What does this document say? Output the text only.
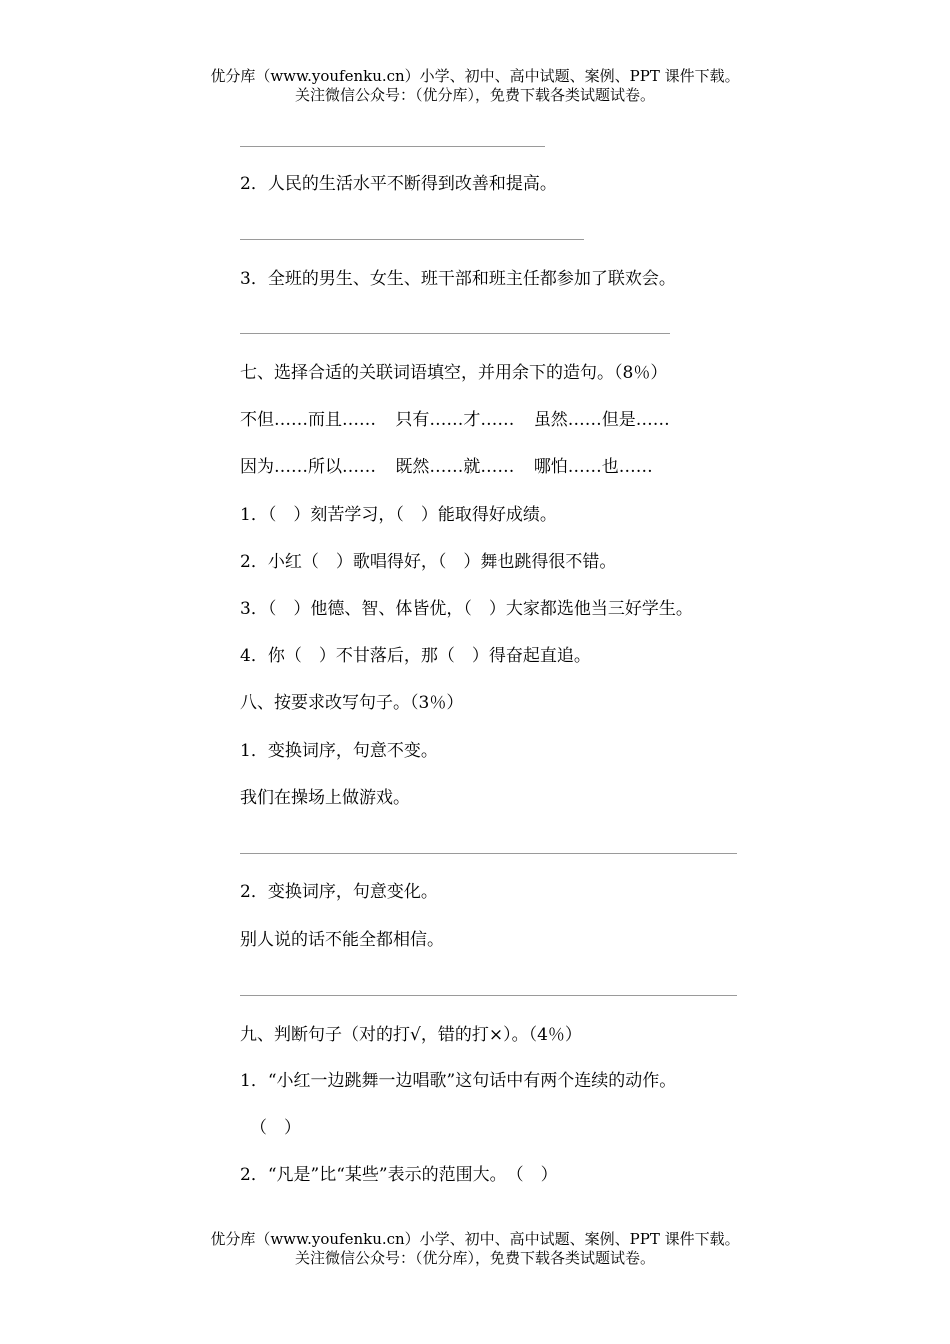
优分库（www.youfenku.cn）小学、初中、高中试题、案例、PPT 课件下载。
关注微信公众号：（优分库），免费下载各类试题试卷。
2．人民的生活水平不断得到改善和提高。
3．全班的男生、女生、班干部和班主任都参加了联欢会。
七、选择合适的关联词语填空，并用余下的造句。（8％）
不但……而且…… 只有……才…… 虽然……但是……
因为……所以…… 既然……就…… 哪怕……也……
1．（　）刻苦学习，（　）能取得好成绩。
2．小红（　）歌唱得好，（　）舞也跳得很不错。
3．（　）他德、智、体皆优，（　）大家都选他当三好学生。
4．你（　）不甘落后，那（　）得奋起直追。
八、按要求改写句子。（3％）
1．变换词序，句意不变。
我们在操场上做游戏。
2．变换词序，句意变化。
别人说的话不能全都相信。
九、判断句子（对的打√，错的打×）。（4％）
1．“小红一边跳舞一边唱歌”这句话中有两个连续的动作。
（　）
2．“凡是”比“某些”表示的范围大。　（　）
优分库（www.youfenku.cn）小学、初中、高中试题、案例、PPT 课件下载。
关注微信公众号：（优分库），免费下载各类试题试卷。
